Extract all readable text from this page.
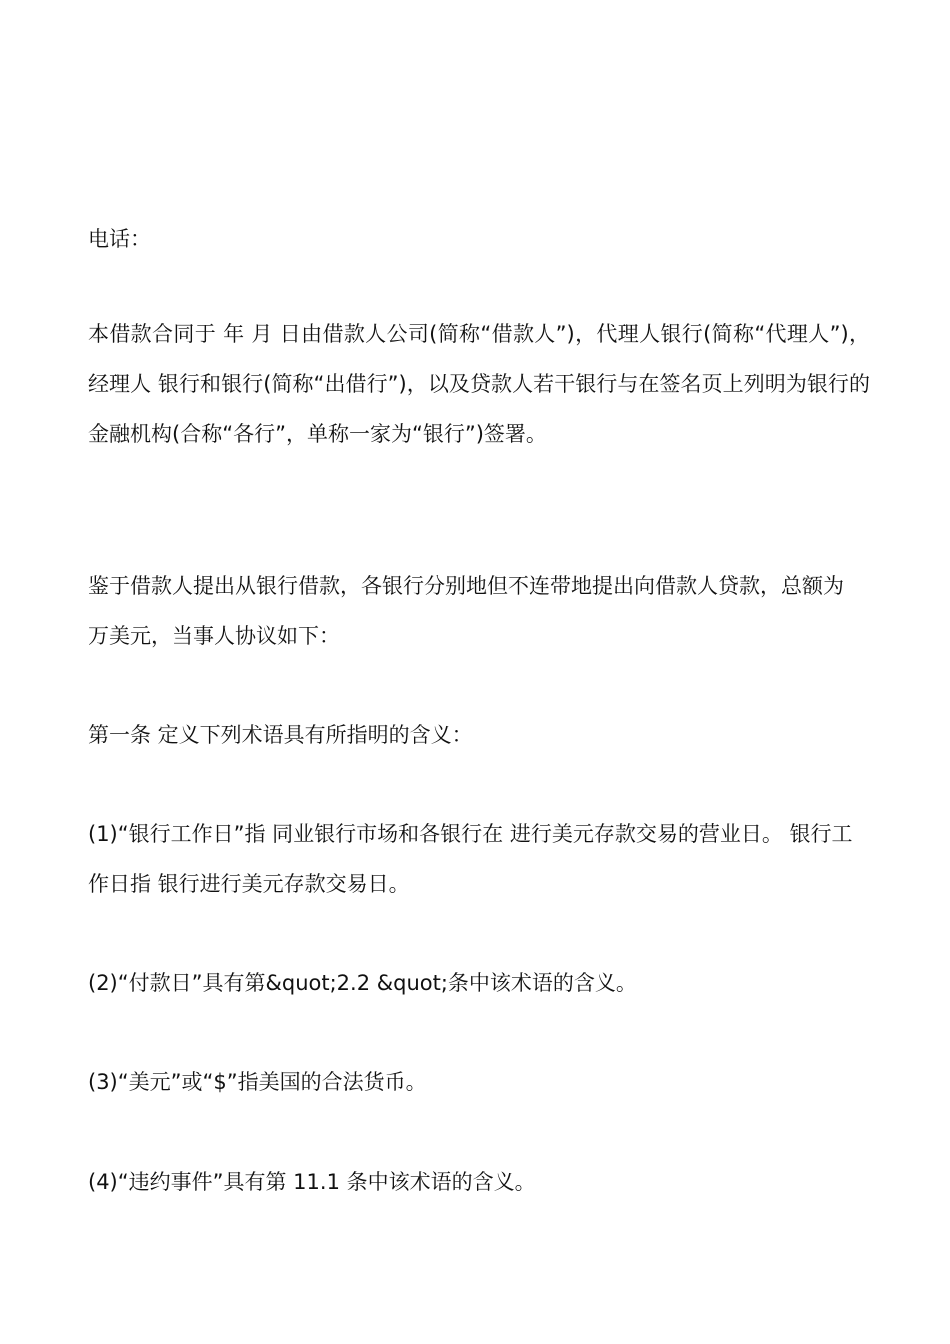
电话：

本借款合同于 年 月 日由借款人公司(简称“借款人”)，代理人银行(简称“代理人”)，经理人 银行和银行(简称“出借行”)，以及贷款人若干银行与在签名页上列明为银行的金融机构(合称“各行”，单称一家为“银行”)签署。

鉴于借款人提出从银行借款，各银行分别地但不连带地提出向借款人贷款，总额为 万美元，当事人协议如下：

第一条 定义下列术语具有所指明的含义：

(1)“银行工作日”指 同业银行市场和各银行在 进行美元存款交易的营业日。 银行工作日指 银行进行美元存款交易日。

(2)“付款日”具有第&quot;2.2 &quot;条中该术语的含义。

(3)“美元”或“$”指美国的合法货币。

(4)“违约事件”具有第 11.1 条中该术语的含义。
